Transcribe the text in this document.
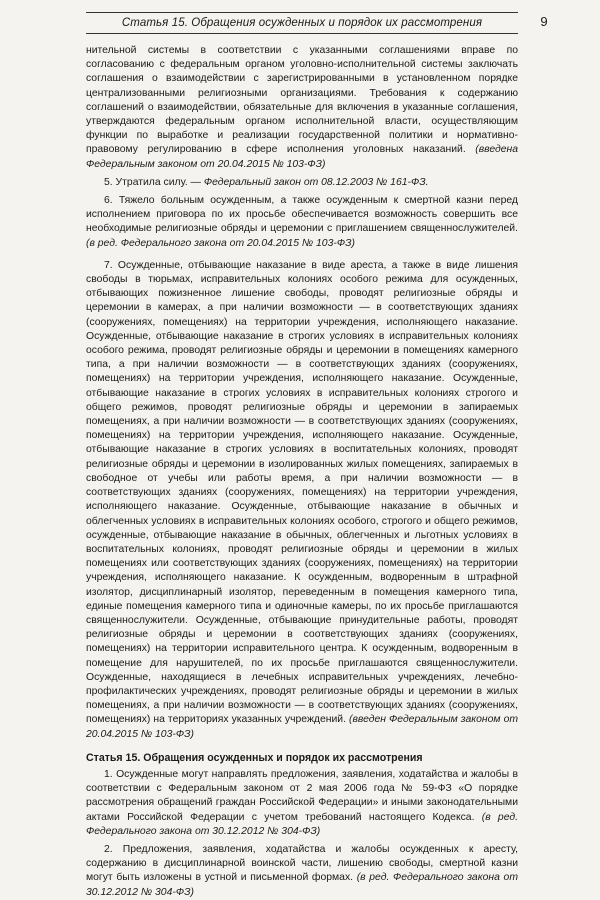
Статья 15. Обращения осужденных и порядок их рассмотрения	9

нительной системы в соответствии с указанными соглашениями вправе по согласованию с федеральным органом уголовно-исполнительной системы заключать соглашения о взаимодействии с зарегистрированными в установленном порядке централизованными религиозными организациями. Требования к содержанию соглашений о взаимодействии, обязательные для включения в указанные соглашения, утверждаются федеральным органом исполнительной власти, осуществляющим функции по выработке и реализации государственной политики и нормативно-правовому регулированию в сфере исполнения уголовных наказаний. (введена Федеральным законом от 20.04.2015 № 103-ФЗ)

5. Утратила силу. — Федеральный закон от 08.12.2003 № 161-ФЗ.

6. Тяжело больным осужденным, а также осужденным к смертной казни перед исполнением приговора по их просьбе обеспечивается возможность совершить все необходимые религиозные обряды и церемонии с приглашением священнослужителей. (в ред. Федерального закона от 20.04.2015 № 103-ФЗ)

7. Осужденные, отбывающие наказание в виде ареста, а также в виде лишения свободы в тюрьмах, исправительных колониях особого режима для осужденных, отбывающих пожизненное лишение свободы, проводят религиозные обряды и церемонии в камерах, а при наличии возможности — в соответствующих зданиях (сооружениях, помещениях) на территории учреждения, исполняющего наказание. Осужденные, отбывающие наказание в строгих условиях в исправительных колониях особого режима, проводят религиозные обряды и церемонии в помещениях камерного типа, а при наличии возможности — в соответствующих зданиях (сооружениях, помещениях) на территории учреждения, исполняющего наказание. Осужденные, отбывающие наказание в строгих условиях в исправительных колониях строгого и общего режимов, проводят религиозные обряды и церемонии в запираемых помещениях, а при наличии возможности — в соответствующих зданиях (сооружениях, помещениях) на территории учреждения, исполняющего наказание. Осужденные, отбывающие наказание в строгих условиях в воспитательных колониях, проводят религиозные обряды и церемонии в изолированных жилых помещениях, запираемых в свободное от учебы или работы время, а при наличии возможности — в соответствующих зданиях (сооружениях, помещениях) на территории учреждения, исполняющего наказание. Осужденные, отбывающие наказание в обычных и облегченных условиях в исправительных колониях особого, строгого и общего режимов, осужденные, отбывающие наказание в обычных, облегченных и льготных условиях в воспитательных колониях, проводят религиозные обряды и церемонии в жилых помещениях или соответствующих зданиях (сооружениях, помещениях) на территории учреждения, исполняющего наказание. К осужденным, водворенным в штрафной изолятор, дисциплинарный изолятор, переведенным в помещения камерного типа, единые помещения камерного типа и одиночные камеры, по их просьбе приглашаются священнослужители. Осужденные, отбывающие принудительные работы, проводят религиозные обряды и церемонии в соответствующих зданиях (сооружениях, помещениях) на территории исправительного центра. К осужденным, водворенным в помещение для нарушителей, по их просьбе приглашаются священнослужители. Осужденные, находящиеся в лечебных исправительных учреждениях, лечебно-профилактических учреждениях, проводят религиозные обряды и церемонии в жилых помещениях, а при наличии возможности — в соответствующих зданиях (сооружениях, помещениях) на территориях указанных учреждений. (введен Федеральным законом от 20.04.2015 № 103-ФЗ)

Статья 15. Обращения осужденных и порядок их рассмотрения

1. Осужденные могут направлять предложения, заявления, ходатайства и жалобы в соответствии с Федеральным законом от 2 мая 2006 года № 59-ФЗ «О порядке рассмотрения обращений граждан Российской Федерации» и иными законодательными актами Российской Федерации с учетом требований настоящего Кодекса. (в ред. Федерального закона от 30.12.2012 № 304-ФЗ)

2. Предложения, заявления, ходатайства и жалобы осужденных к аресту, содержанию в дисциплинарной воинской части, лишению свободы, смертной казни могут быть изложены в устной и письменной формах. (в ред. Федерального закона от 30.12.2012 № 304-ФЗ)
